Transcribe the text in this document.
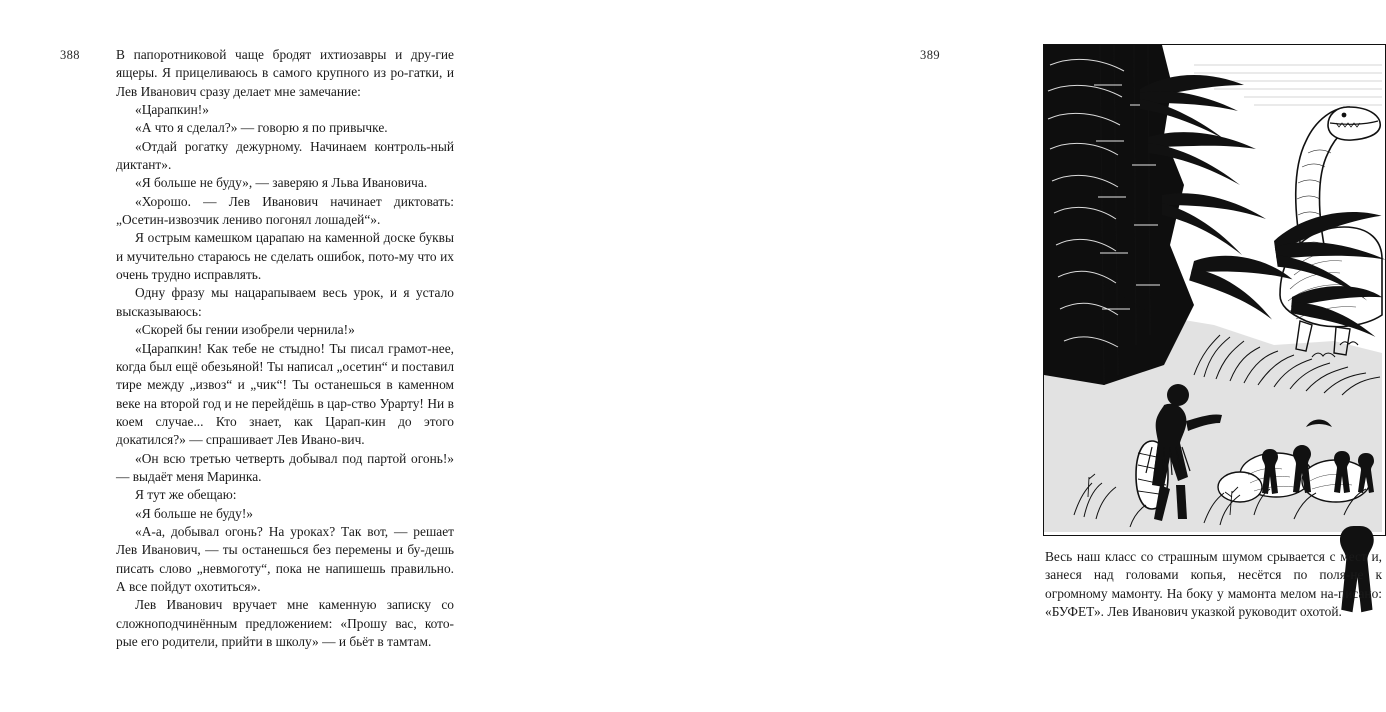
388	В папоротниковой чаще бродят ихтиозавры и дру-гие ящеры. Я прицеливаюсь в самого крупного из ро-гатки, и Лев Иванович сразу делает мне замечание:

«Царапкин!»

«А что я сделал?» — говорю я по привычке.

«Отдай рогатку дежурному. Начинаем контроль-ный диктант».

«Я больше не буду», — заверяю я Льва Ивановича.

«Хорошо. — Лев Иванович начинает диктовать: „Осетин-извозчик лениво погонял лошадей“».

Я острым камешком царапаю на каменной доске буквы и мучительно стараюсь не сделать ошибок, пото-му что их очень трудно исправлять.

Одну фразу мы нацарапываем весь урок, и я устало высказываюсь:

«Скорей бы гении изобрели чернила!»

«Царапкин! Как тебе не стыдно! Ты писал грамот-нее, когда был ещё обезьяной! Ты написал „осетин“ и поставил тире между „извоз“ и „чик“! Ты останешься в каменном веке на второй год и не перейдёшь в цар-ство Урарту! Ни в коем случае... Кто знает, как Царап-кин до этого докатился?» — спрашивает Лев Ивано-вич.

«Он всю третью четверть добывал под партой огонь!» — выдаёт меня Маринка.

Я тут же обещаю:

«Я больше не буду!»

«А-а, добывал огонь? На уроках? Так вот, — решает Лев Иванович, — ты останешься без перемены и бу-дешь писать слово „невмоготу“, пока не напишешь правильно. А все пойдут охотиться».

Лев Иванович вручает мне каменную записку со сложноподчинённым предложением: «Прошу вас, кото-рые его родители, прийти в школу» — и бьёт в тамтам.

389

Весь наш класс со страшным шумом срывается с мест и, занеся над головами копья, несётся по поля-не к огромному мамонту. На боку у мамонта мелом на-писано: «БУФЕТ». Лев Иванович указкой руководит охотой.
